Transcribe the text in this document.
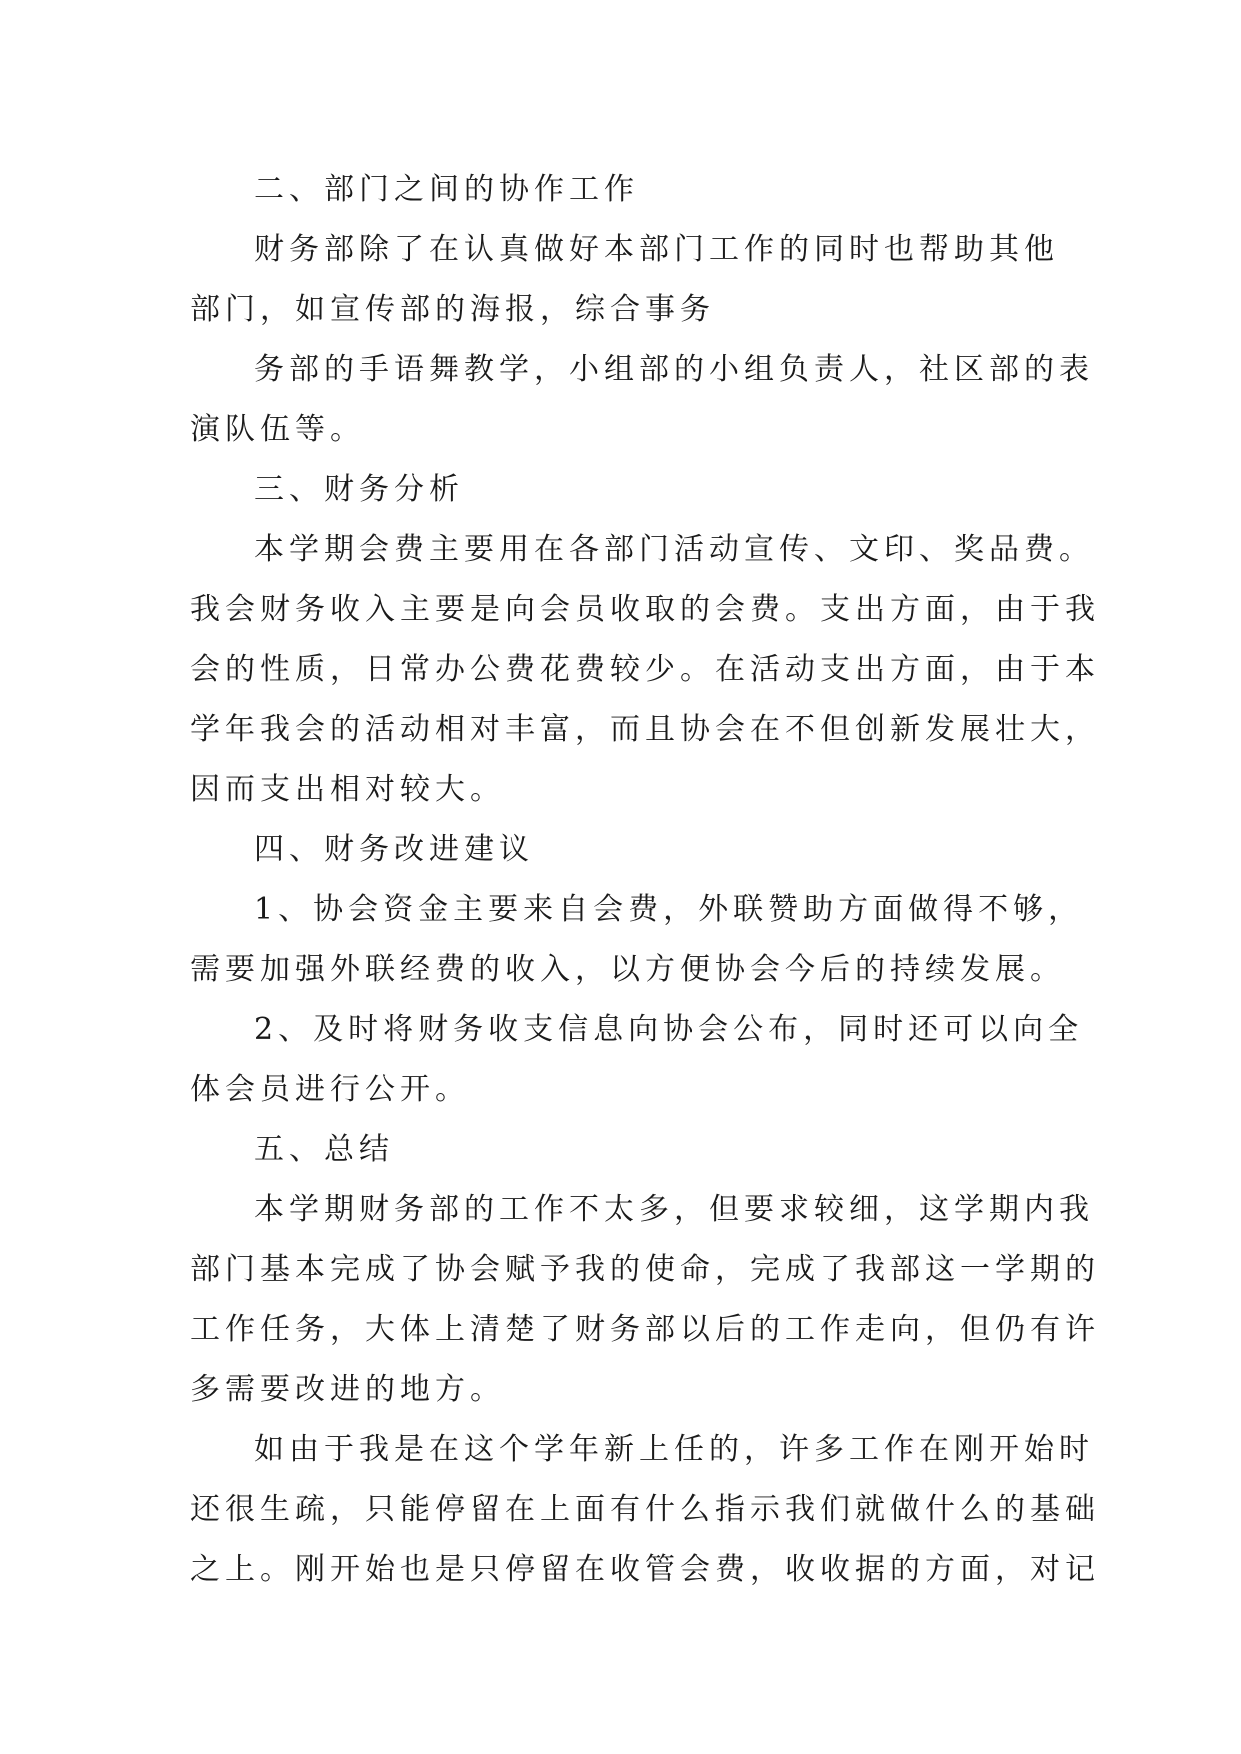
二、部门之间的协作工作
财务部除了在认真做好本部门工作的同时也帮助其他
部门，如宣传部的海报，综合事务
务部的手语舞教学，小组部的小组负责人，社区部的表
演队伍等。
三、财务分析
本学期会费主要用在各部门活动宣传、文印、奖品费。
我会财务收入主要是向会员收取的会费。支出方面，由于我
会的性质，日常办公费花费较少。在活动支出方面，由于本
学年我会的活动相对丰富，而且协会在不但创新发展壮大，
因而支出相对较大。
四、财务改进建议
1、协会资金主要来自会费，外联赞助方面做得不够，
需要加强外联经费的收入，以方便协会今后的持续发展。
2、及时将财务收支信息向协会公布，同时还可以向全
体会员进行公开。
五、总结
本学期财务部的工作不太多，但要求较细，这学期内我
部门基本完成了协会赋予我的使命，完成了我部这一学期的
工作任务，大体上清楚了财务部以后的工作走向，但仍有许
多需要改进的地方。
如由于我是在这个学年新上任的，许多工作在刚开始时
还很生疏，只能停留在上面有什么指示我们就做什么的基础
之上。刚开始也是只停留在收管会费，收收据的方面，对记
